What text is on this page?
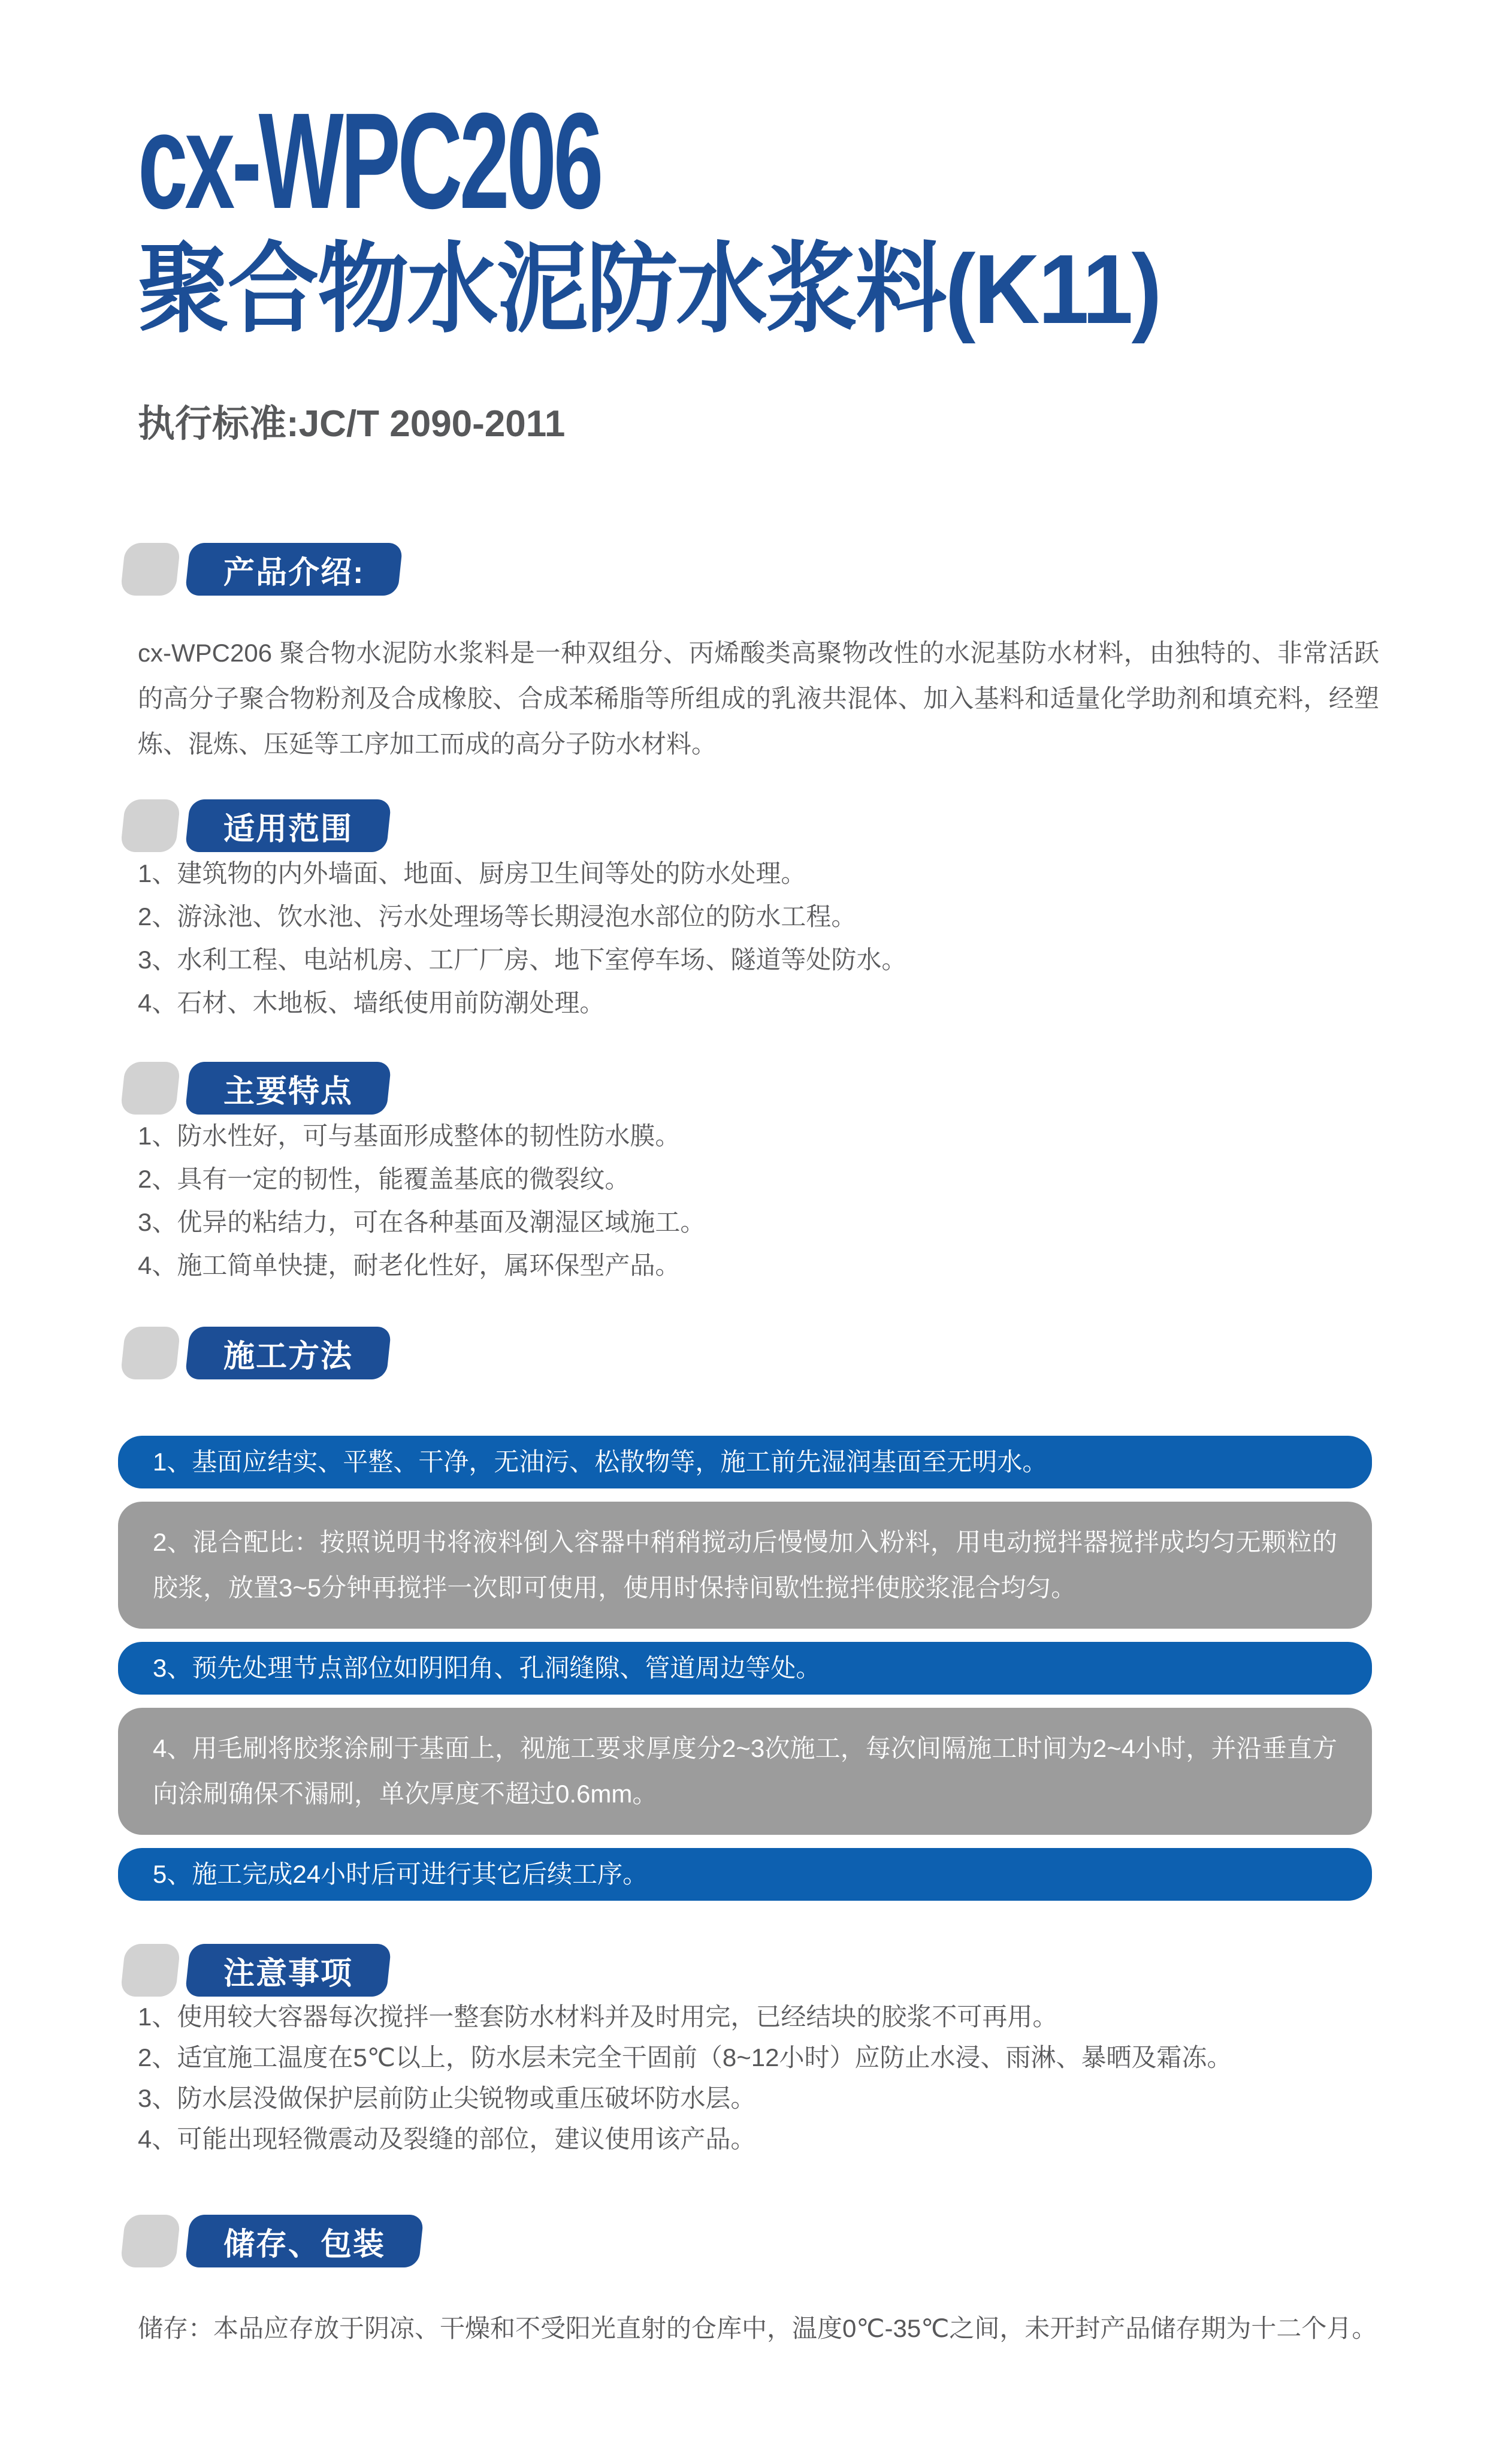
cx-WPC206
聚合物水泥防水浆料(K11)
执行标准:JC/T 2090-2011
产品介绍:
cx-WPC206 聚合物水泥防水浆料是一种双组分、丙烯酸类高聚物改性的水泥基防水材料，由独特的、非常活跃的高分子聚合物粉剂及合成橡胶、合成苯稀脂等所组成的乳液共混体、加入基料和适量化学助剂和填充料，经塑炼、混炼、压延等工序加工而成的高分子防水材料。
适用范围
1、建筑物的内外墙面、地面、厨房卫生间等处的防水处理。
2、游泳池、饮水池、污水处理场等长期浸泡水部位的防水工程。
3、水利工程、电站机房、工厂厂房、地下室停车场、隧道等处防水。
4、石材、木地板、墙纸使用前防潮处理。
主要特点
1、防水性好，可与基面形成整体的韧性防水膜。
2、具有一定的韧性，能覆盖基底的微裂纹。
3、优异的粘结力，可在各种基面及潮湿区域施工。
4、施工简单快捷，耐老化性好，属环保型产品。
施工方法
1、基面应结实、平整、干净，无油污、松散物等，施工前先湿润基面至无明水。
2、混合配比：按照说明书将液料倒入容器中稍稍搅动后慢慢加入粉料，用电动搅拌器搅拌成均匀无颗粒的胶浆，放置3~5分钟再搅拌一次即可使用，使用时保持间歇性搅拌使胶浆混合均匀。
3、预先处理节点部位如阴阳角、孔洞缝隙、管道周边等处。
4、用毛刷将胶浆涂刷于基面上，视施工要求厚度分2~3次施工，每次间隔施工时间为2~4小时，并沿垂直方向涂刷确保不漏刷，单次厚度不超过0.6mm。
5、施工完成24小时后可进行其它后续工序。
注意事项
1、使用较大容器每次搅拌一整套防水材料并及时用完，已经结块的胶浆不可再用。
2、适宜施工温度在5℃以上，防水层未完全干固前（8~12小时）应防止水浸、雨淋、暴晒及霜冻。
3、防水层没做保护层前防止尖锐物或重压破坏防水层。
4、可能出现轻微震动及裂缝的部位，建议使用该产品。
储存、包装
储存：本品应存放于阴凉、干燥和不受阳光直射的仓库中，温度0℃-35℃之间，未开封产品储存期为十二个月。
